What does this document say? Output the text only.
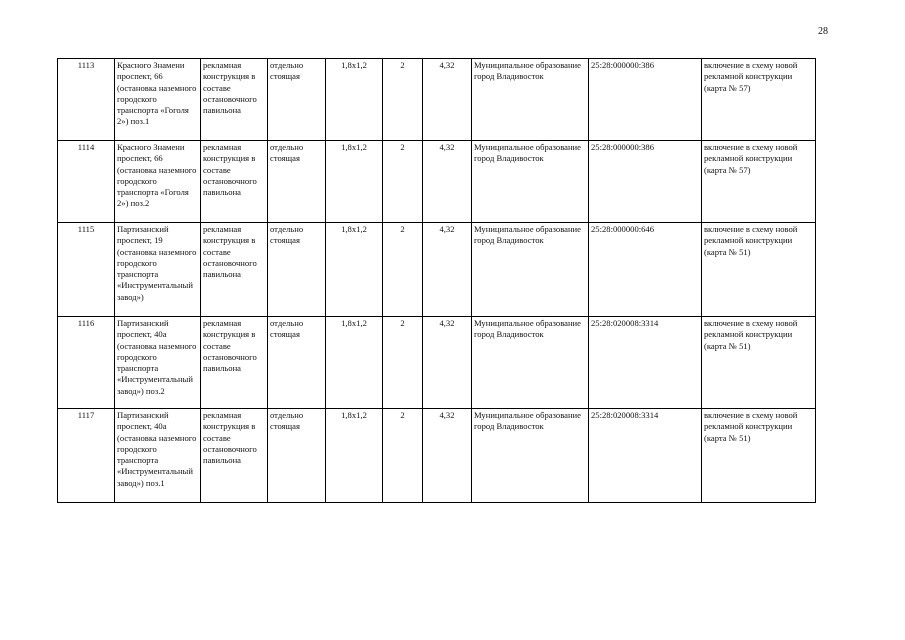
28
1113	Красного Знамени проспект, 66 (остановка наземного городского транспорта «Гоголя 2») поз.1	рекламная конструкция в составе остановочного павильона	отдельно стоящая	1,8х1,2	2	4,32	Муниципальное образование город Владивосток	25:28:000000:386	включение в схему новой рекламной конструкции (карта № 57)
1114	Красного Знамени проспект, 66 (остановка наземного городского транспорта «Гоголя 2») поз.2	рекламная конструкция в составе остановочного павильона	отдельно стоящая	1,8х1,2	2	4,32	Муниципальное образование город Владивосток	25:28:000000:386	включение в схему новой рекламной конструкции (карта № 57)
1115	Партизанский проспект, 19 (остановка наземного городского транспорта «Инструментальный завод»)	рекламная конструкция в составе остановочного павильона	отдельно стоящая	1,8х1,2	2	4,32	Муниципальное образование город Владивосток	25:28:000000:646	включение в схему новой рекламной конструкции (карта № 51)
1116	Партизанский проспект, 40а (остановка наземного городского транспорта «Инструментальный завод») поз.2	рекламная конструкция в составе остановочного павильона	отдельно стоящая	1,8х1,2	2	4,32	Муниципальное образование город Владивосток	25:28:020008:3314	включение в схему новой рекламной конструкции (карта № 51)
1117	Партизанский проспект, 40а (остановка наземного городского транспорта «Инструментальный завод») поз.1	рекламная конструкция в составе остановочного павильона	отдельно стоящая	1,8х1,2	2	4,32	Муниципальное образование город Владивосток	25:28:020008:3314	включение в схему новой рекламной конструкции (карта № 51)
